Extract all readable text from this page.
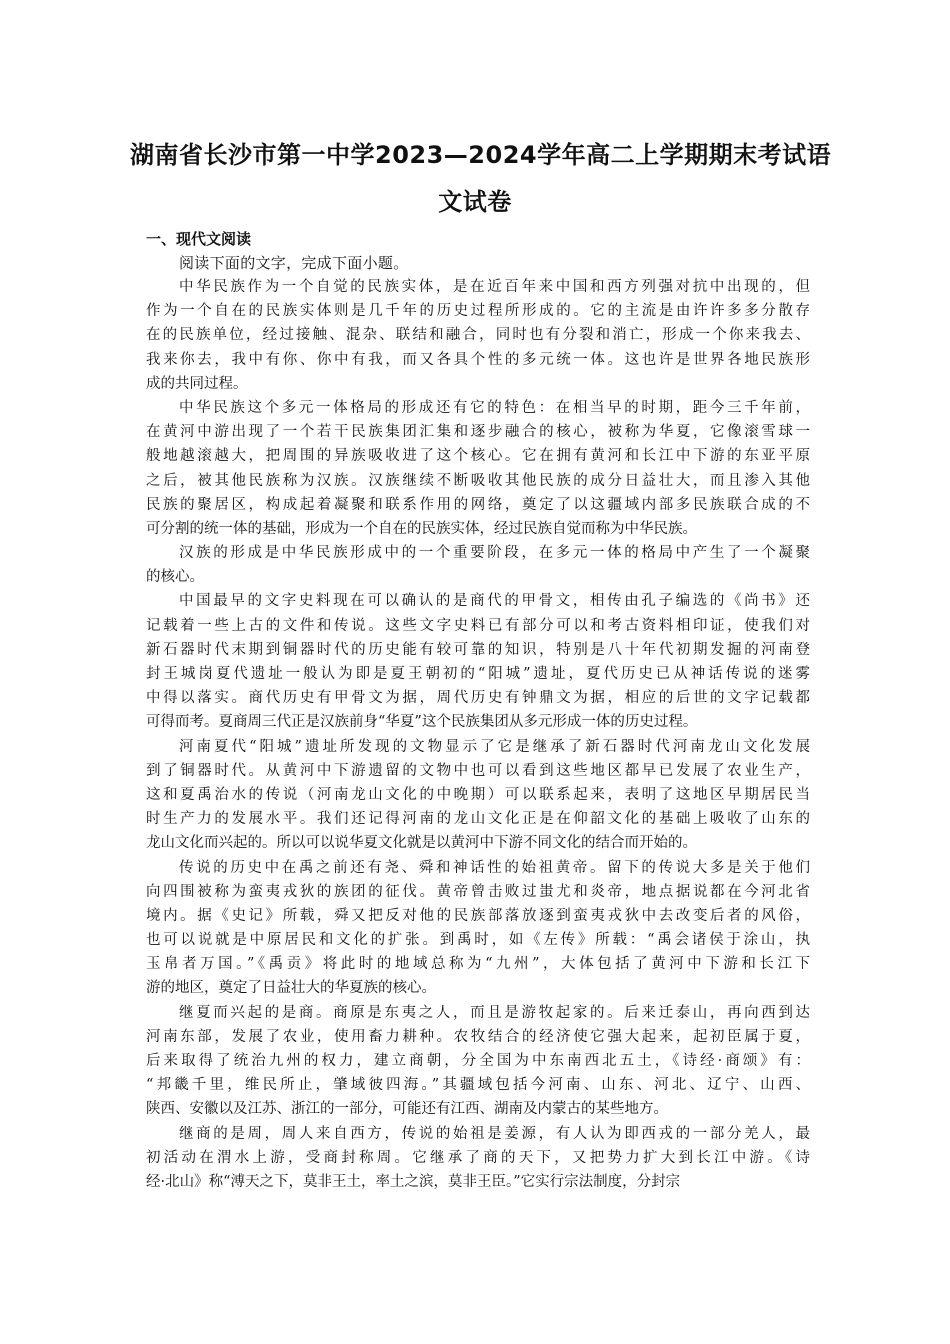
湖南省长沙市第一中学2023—2024学年高二上学期期末考试语
文试卷
一、现代文阅读
阅读下面的文字，完成下面小题。
中华民族作为一个自觉的民族实体，是在近百年来中国和西方列强对抗中出现的，但
作为一个自在的民族实体则是几千年的历史过程所形成的。它的主流是由许许多多分散存
在的民族单位，经过接触、混杂、联结和融合，同时也有分裂和消亡，形成一个你来我去、
我来你去，我中有你、你中有我，而又各具个性的多元统一体。这也许是世界各地民族形
成的共同过程。
中华民族这个多元一体格局的形成还有它的特色：在相当早的时期，距今三千年前，
在黄河中游出现了一个若干民族集团汇集和逐步融合的核心，被称为华夏，它像滚雪球一
般地越滚越大，把周围的异族吸收进了这个核心。它在拥有黄河和长江中下游的东亚平原
之后，被其他民族称为汉族。汉族继续不断吸收其他民族的成分日益壮大，而且渗入其他
民族的聚居区，构成起着凝聚和联系作用的网络，奠定了以这疆域内部多民族联合成的不
可分割的统一体的基础，形成为一个自在的民族实体，经过民族自觉而称为中华民族。
汉族的形成是中华民族形成中的一个重要阶段，在多元一体的格局中产生了一个凝聚
的核心。
中国最早的文字史料现在可以确认的是商代的甲骨文，相传由孔子编选的《尚书》还
记载着一些上古的文件和传说。这些文字史料已有部分可以和考古资料相印证，使我们对
新石器时代末期到铜器时代的历史能有较可靠的知识，特别是八十年代初期发掘的河南登
封王城岗夏代遗址一般认为即是夏王朝初的“阳城”遗址，夏代历史已从神话传说的迷雾
中得以落实。商代历史有甲骨文为据，周代历史有钟鼎文为据，相应的后世的文字记载都
可得而考。夏商周三代正是汉族前身“华夏”这个民族集团从多元形成一体的历史过程。
河南夏代“阳城”遗址所发现的文物显示了它是继承了新石器时代河南龙山文化发展
到了铜器时代。从黄河中下游遗留的文物中也可以看到这些地区都早已发展了农业生产，
这和夏禹治水的传说（河南龙山文化的中晚期）可以联系起来，表明了这地区早期居民当
时生产力的发展水平。我们还记得河南的龙山文化正是在仰韶文化的基础上吸收了山东的
龙山文化而兴起的。所以可以说华夏文化就是以黄河中下游不同文化的结合而开始的。
传说的历史中在禹之前还有尧、舜和神话性的始祖黄帝。留下的传说大多是关于他们
向四围被称为蛮夷戎狄的族团的征伐。黄帝曾击败过蚩尤和炎帝，地点据说都在今河北省
境内。据《史记》所载，舜又把反对他的民族部落放逐到蛮夷戎狄中去改变后者的风俗，
也可以说就是中原居民和文化的扩张。到禹时，如《左传》所载：“禹会诸侯于涂山，执
玉帛者万国。”《禹贡》将此时的地域总称为“九州”，大体包括了黄河中下游和长江下
游的地区，奠定了日益壮大的华夏族的核心。
继夏而兴起的是商。商原是东夷之人，而且是游牧起家的。后来迁泰山，再向西到达
河南东部，发展了农业，使用畜力耕种。农牧结合的经济使它强大起来，起初臣属于夏，
后来取得了统治九州的权力，建立商朝，分全国为中东南西北五土，《诗经·商颂》有：
“邦畿千里，维民所止，肇域彼四海。”其疆域包括今河南、山东、河北、辽宁、山西、
陕西、安徽以及江苏、浙江的一部分，可能还有江西、湖南及内蒙古的某些地方。
继商的是周，周人来自西方，传说的始祖是姜源，有人认为即西戎的一部分羌人，最
初活动在渭水上游，受商封称周。它继承了商的天下，又把势力扩大到长江中游。《诗
经·北山》称“溥天之下，莫非王土，率土之滨，莫非王臣。”它实行宗法制度，分封宗
